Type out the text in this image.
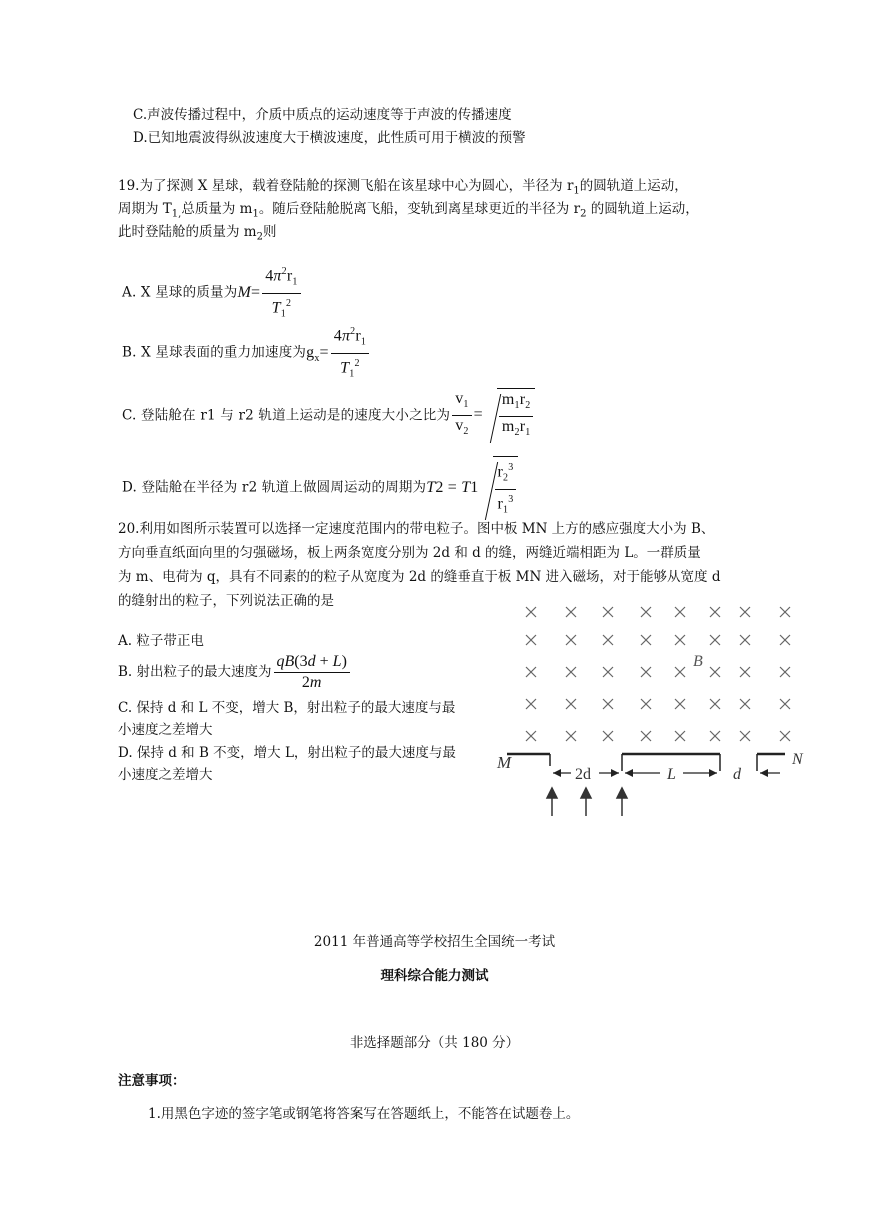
C.声波传播过程中，介质中质点的运动速度等于声波的传播速度
D.已知地震波得纵波速度大于横波速度，此性质可用于横波的预警
19.为了探测 X 星球，载着登陆舱的探测飞船在该星球中心为圆心，半径为 $r_1$的圆轨道上运动，
周期为 $T_{1,}$总质量为 $m_1$。随后登陆舱脱离飞船，变轨到离星球更近的半径为 $r_2$ 的圆轨道上运动，
此时登陆舱的质量为 $m_2$则
A. X 星球的质量为$M= \frac{4\pi^2r_1}{T_1^2}$
B. X 星球表面的重力加速度为$g_x= \frac{4\pi^2r_1}{T_1^2}$
C. 登陆舱在 r1 与 r2 轨道上运动是的速度大小之比为 $\frac{v_1}{v_2} = \frac{m_1r_2}{m_2r_1}$
D. 登陆舱在半径为 r2 轨道上做圆周运动的周期为$T2 = T1 \frac{r_2^3}{r_1^3}$
20.利用如图所示装置可以选择一定速度范围内的带电粒子。图中板 MN 上方的感应强度大小为 B、
方向垂直纸面向里的匀强磁场，板上两条宽度分别为 2d 和 d 的缝，两缝近端相距为 L。一群质量
为 m、电荷为 q，具有不同素的的粒子从宽度为 2d 的缝垂直于板 MN 进入磁场，对于能够从宽度 d
的缝射出的粒子，下列说法正确的是
A. 粒子带正电
B. 射出粒子的最大速度为 $\frac{qB(3d + L)}{2m}$
C. 保持 d 和 L 不变，增大 B，射出粒子的最大速度与最
小速度之差增大
D. 保持 d 和 B 不变，增大 L，射出粒子的最大速度与最
小速度之差增大
B
M	N
2d	L	d
2011 年普通高等学校招生全国统一考试
理科综合能力测试
非选择题部分（共 180 分）
注意事项：
1.用黑色字迹的签字笔或钢笔将答案写在答题纸上，不能答在试题卷上。
